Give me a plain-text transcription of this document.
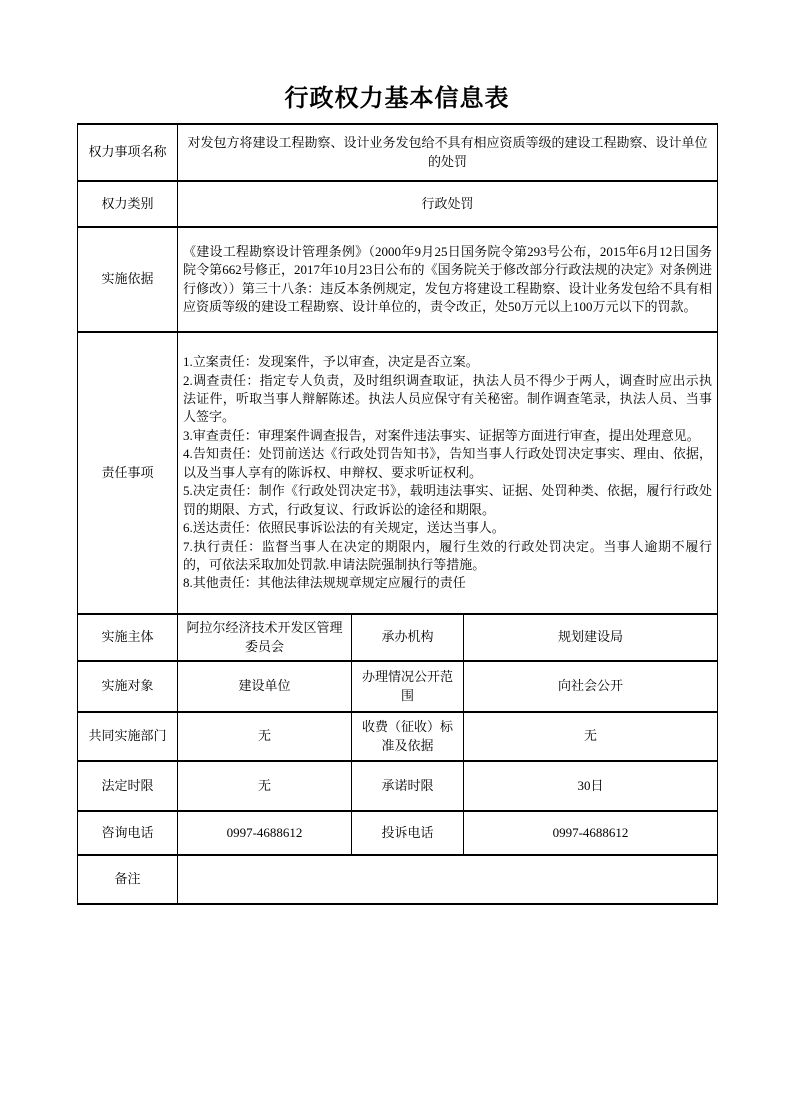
行政权力基本信息表
权力事项名称	对发包方将建设工程勘察、设计业务发包给不具有相应资质等级的建设工程勘察、设计单位的处罚		
权力类别	行政处罚		
实施依据	《建设工程勘察设计管理条例》（2000年9月25日国务院令第293号公布，2015年6月12日国务院令第662号修正，2017年10月23日公布的《国务院关于修改部分行政法规的决定》对条例进行修改））第三十八条：违反本条例规定，发包方将建设工程勘察、设计业务发包给不具有相应资质等级的建设工程勘察、设计单位的，责令改正，处50万元以上100万元以下的罚款。		
责任事项	
1.立案责任：发现案件，予以审查，决定是否立案。
2.调查责任：指定专人负责，及时组织调查取证，执法人员不得少于两人，调查时应出示执法证件，听取当事人辩解陈述。执法人员应保守有关秘密。制作调查笔录，执法人员、当事人签字。
3.审查责任：审理案件调查报告，对案件违法事实、证据等方面进行审查，提出处理意见。
4.告知责任：处罚前送达《行政处罚告知书》，告知当事人行政处罚决定事实、理由、依据，以及当事人享有的陈诉权、申辩权、要求听证权利。
5.决定责任：制作《行政处罚决定书》，载明违法事实、证据、处罚种类、依据，履行行政处罚的期限、方式，行政复议、行政诉讼的途径和期限。
6.送达责任：依照民事诉讼法的有关规定，送达当事人。
7.执行责任：监督当事人在决定的期限内，履行生效的行政处罚决定。当事人逾期不履行的，可依法采取加处罚款.申请法院强制执行等措施。
8.其他责任：其他法律法规规章规定应履行的责任

实施主体	阿拉尔经济技术开发区管理委员会	承办机构	规划建设局
实施对象	建设单位	办理情况公开范围	向社会公开
共同实施部门	无	收费（征收）标准及依据	无
法定时限	无	承诺时限	30日
咨询电话	0997-4688612	投诉电话	0997-4688612
备注			
